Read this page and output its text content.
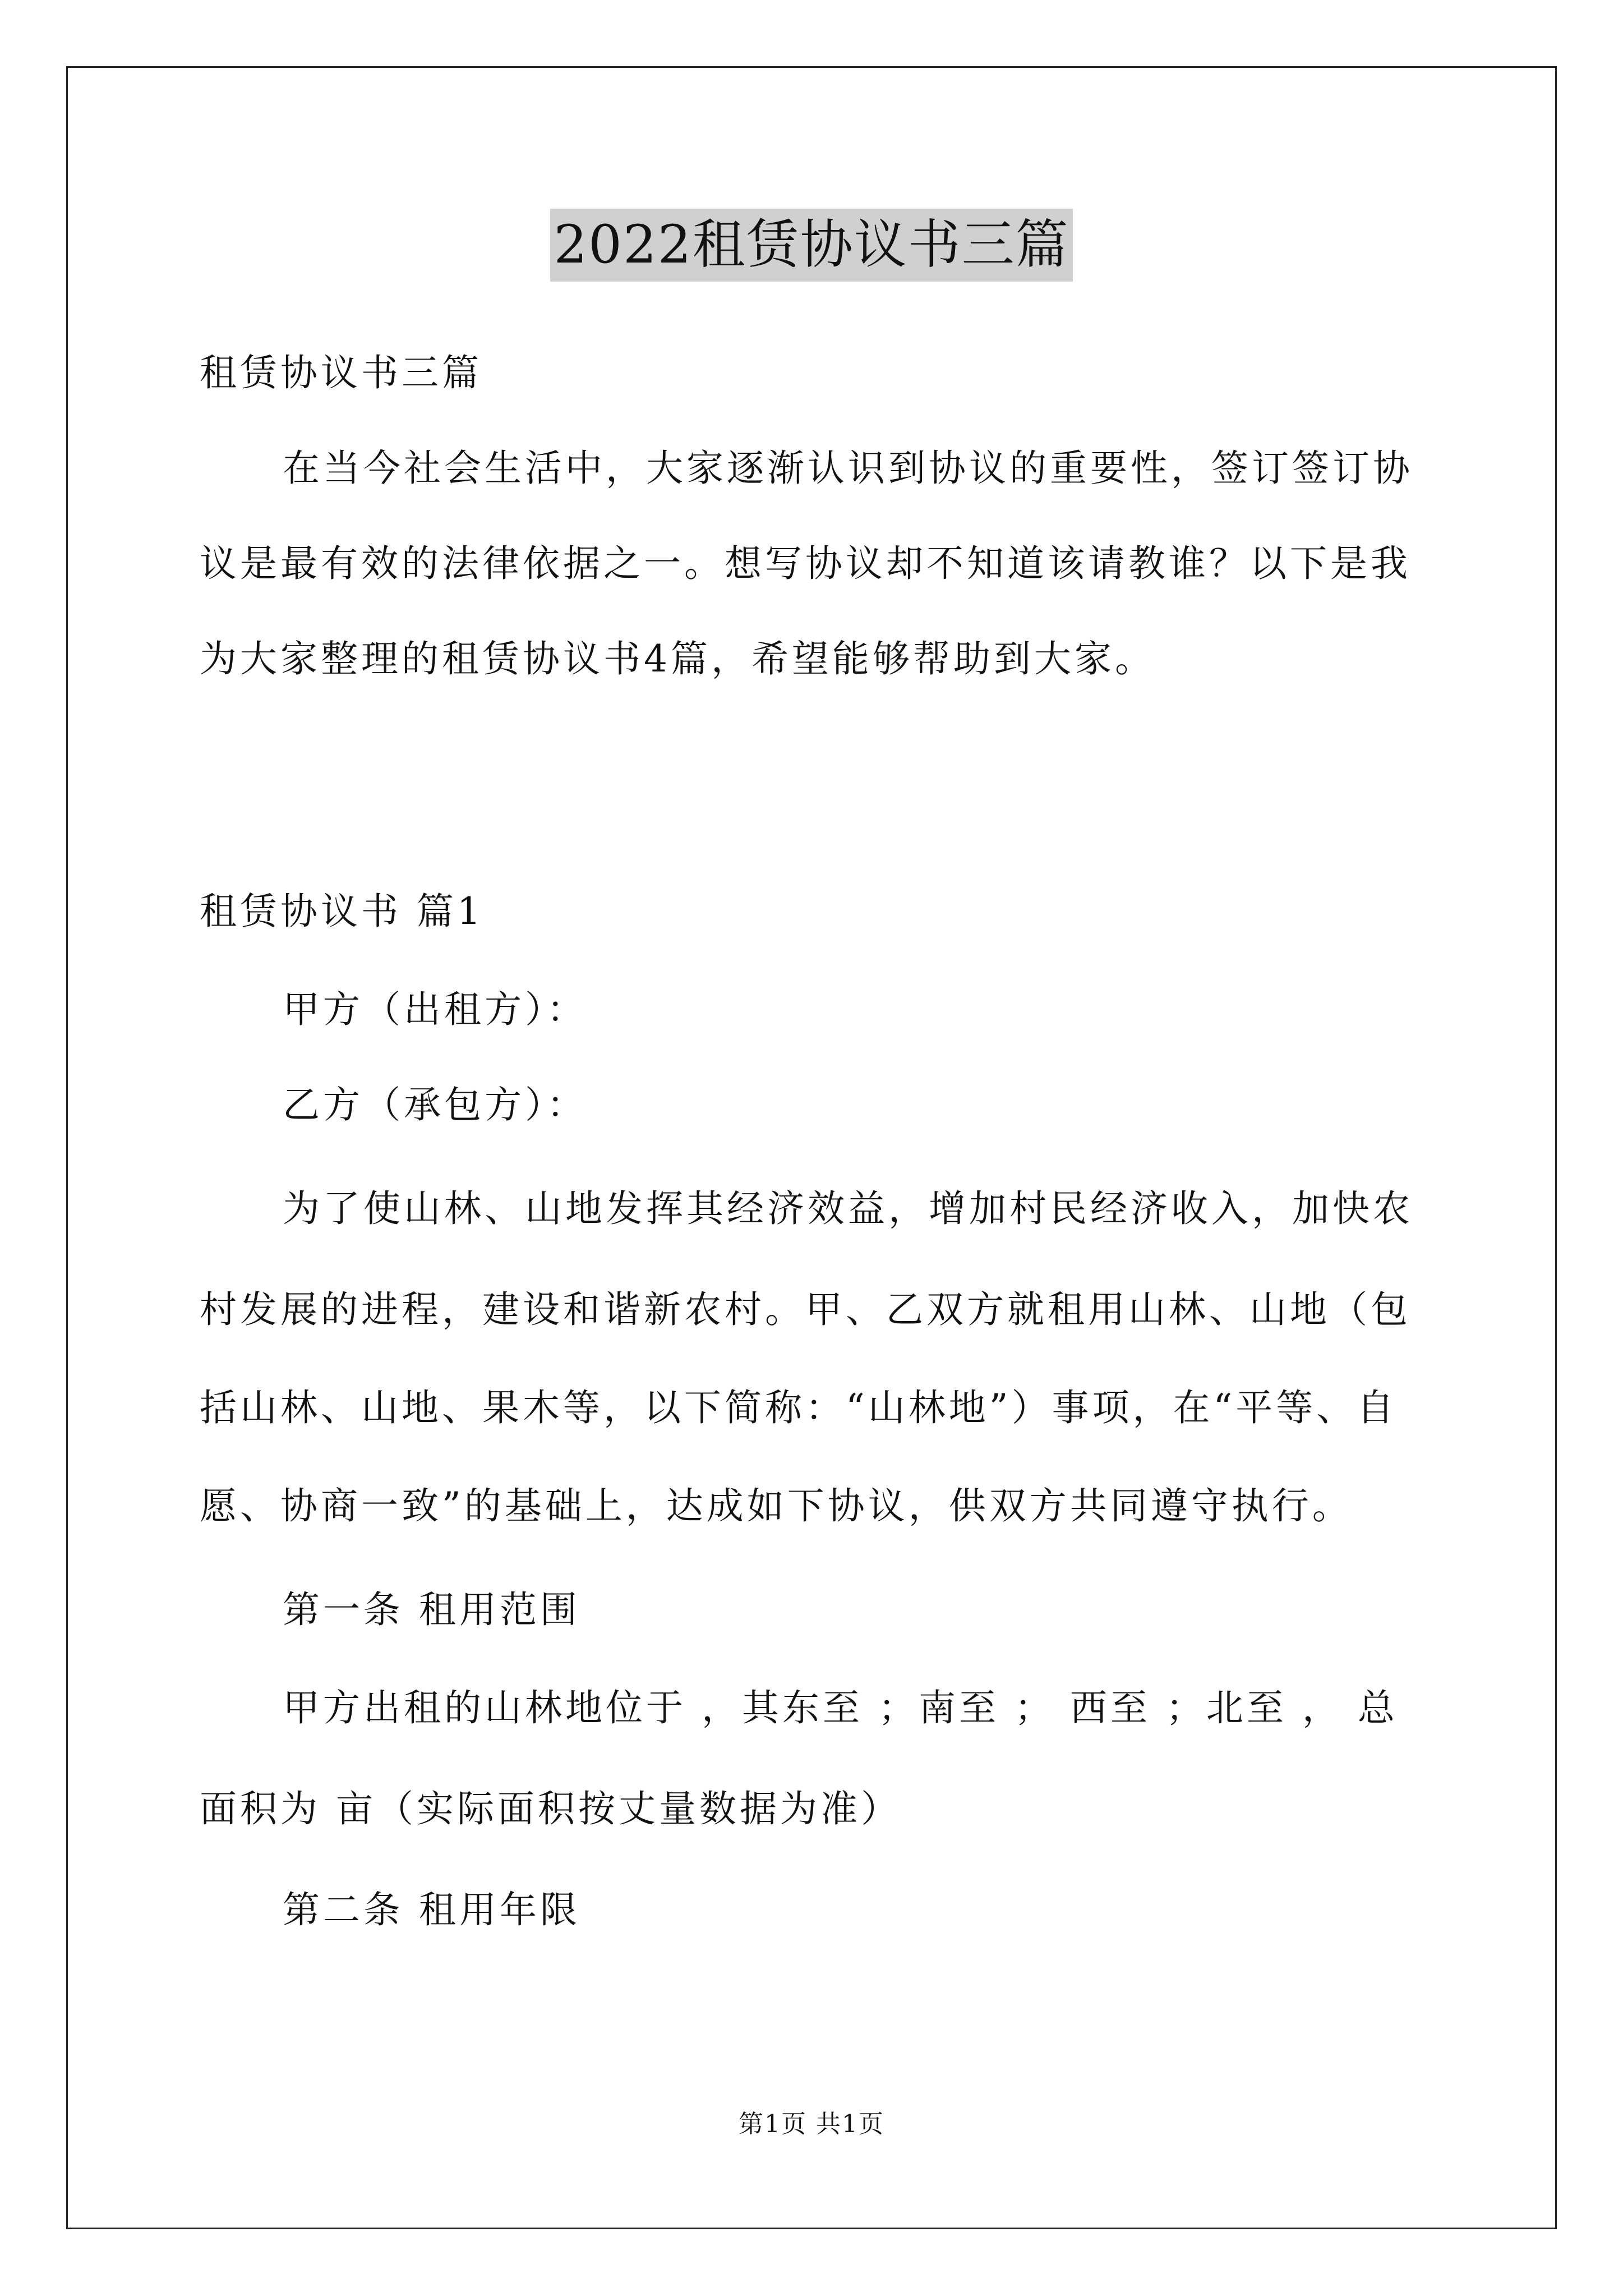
2022租赁协议书三篇
租赁协议书三篇
在当今社会生活中，大家逐渐认识到协议的重要性，签订签订协
议是最有效的法律依据之一。想写协议却不知道该请教谁？以下是我
为大家整理的租赁协议书4篇，希望能够帮助到大家。
租赁协议书 篇1
甲方（出租方）：
乙方（承包方）：
为了使山林、山地发挥其经济效益，增加村民经济收入，加快农
村发展的进程，建设和谐新农村。甲、乙双方就租用山林、山地（包
括山林、山地、果木等，以下简称：“山林地”）事项，在“平等、自
愿、协商一致”的基础上，达成如下协议，供双方共同遵守执行。
第一条 租用范围
甲方出租的山林地位于 ，其东至 ；南至 ； 西至 ；北至 ， 总
面积为 亩（实际面积按丈量数据为准）
第二条 租用年限
第1页 共1页
